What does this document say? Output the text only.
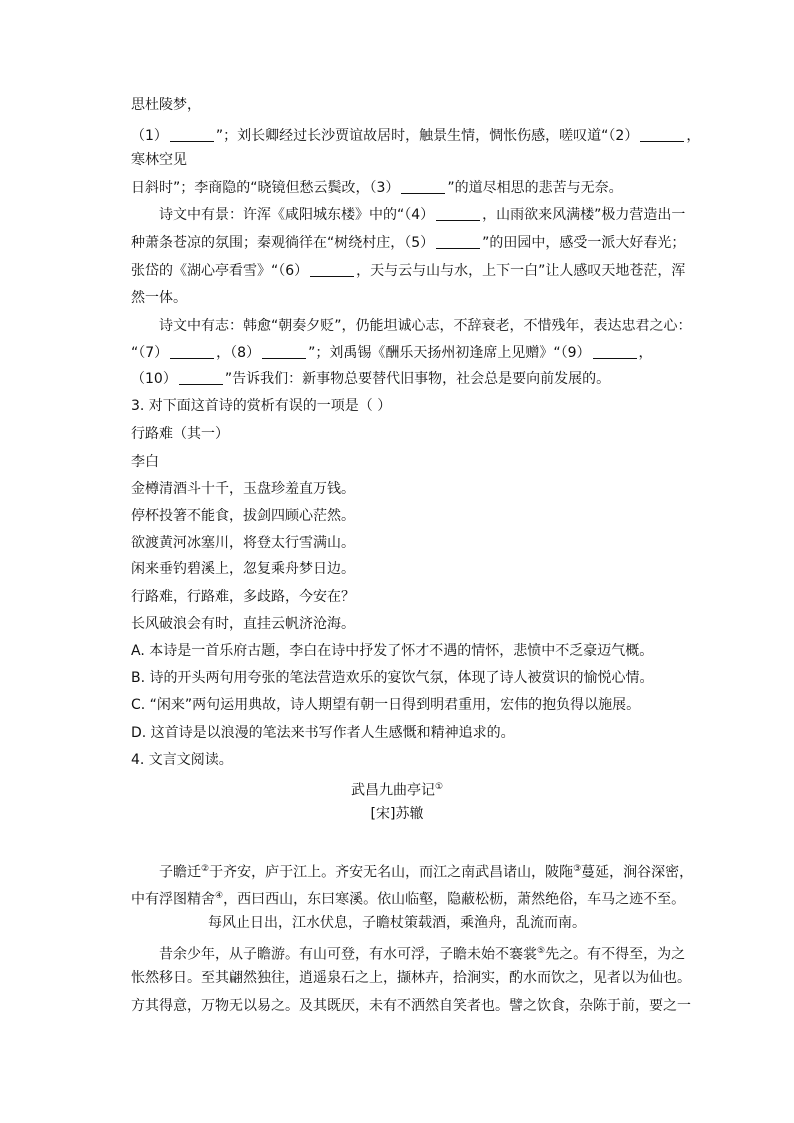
思杜陵梦，
（1）	”；刘长卿经过长沙贾谊故居时，触景生情，惆怅伤感，嗟叹道“（2）	，
寒林空见
日斜时”；李商隐的“晓镜但愁云鬓改，（3）	”的道尽相思的悲苦与无奈。
诗文中有景：许浑《咸阳城东楼》中的“（4）	，山雨欲来风满楼”极力营造出一
种萧条苍凉的氛围；秦观徜徉在“树绕村庄，（5）	”的田园中，感受一派大好春光；
张岱的《湖心亭看雪》“（6）	，天与云与山与水，上下一白”让人感叹天地苍茫，浑
然一体。
诗文中有志：韩愈“朝奏夕贬”，仍能坦诚心志，不辞衰老，不惜残年，表达忠君之心：
“（7）	，（8）	”；刘禹锡《酬乐天扬州初逢席上见赠》“（9）	，
（10）	”告诉我们：新事物总要替代旧事物，社会总是要向前发展的。
3. 对下面这首诗的赏析有误的一项是（ ）
行路难（其一）
李白
金樽清酒斗十千，玉盘珍羞直万钱。
停杯投箸不能食，拔剑四顾心茫然。
欲渡黄河冰塞川，将登太行雪满山。
闲来垂钓碧溪上，忽复乘舟梦日边。
行路难，行路难，多歧路，今安在？
长风破浪会有时，直挂云帆济沧海。
A. 本诗是一首乐府古题，李白在诗中抒发了怀才不遇的情怀，悲愤中不乏豪迈气概。
B. 诗的开头两句用夸张的笔法营造欢乐的宴饮气氛，体现了诗人被赏识的愉悦心情。
C. “闲来”两句运用典故，诗人期望有朝一日得到明君重用，宏伟的抱负得以施展。
D. 这首诗是以浪漫的笔法来书写作者人生感慨和精神追求的。
4. 文言文阅读。
武昌九曲亭记①
[宋]苏辙
子瞻迁②于齐安，庐于江上。齐安无名山，而江之南武昌诸山，陂陁③蔓延，涧谷深密，
中有浮图精舍④，西曰西山，东曰寒溪。依山临壑，隐蔽松枥，萧然绝俗，车马之迹不至。
每风止日出，江水伏息，子瞻杖策载酒，乘渔舟，乱流而南。
昔余少年，从子瞻游。有山可登，有水可浮，子瞻未始不褰裳⑤先之。有不得至，为之
怅然移日。至其翩然独往，逍遥泉石之上，撷林卉，拾涧实，酌水而饮之，见者以为仙也。
方其得意，万物无以易之。及其既厌，未有不洒然自笑者也。譬之饮食，杂陈于前，要之一
